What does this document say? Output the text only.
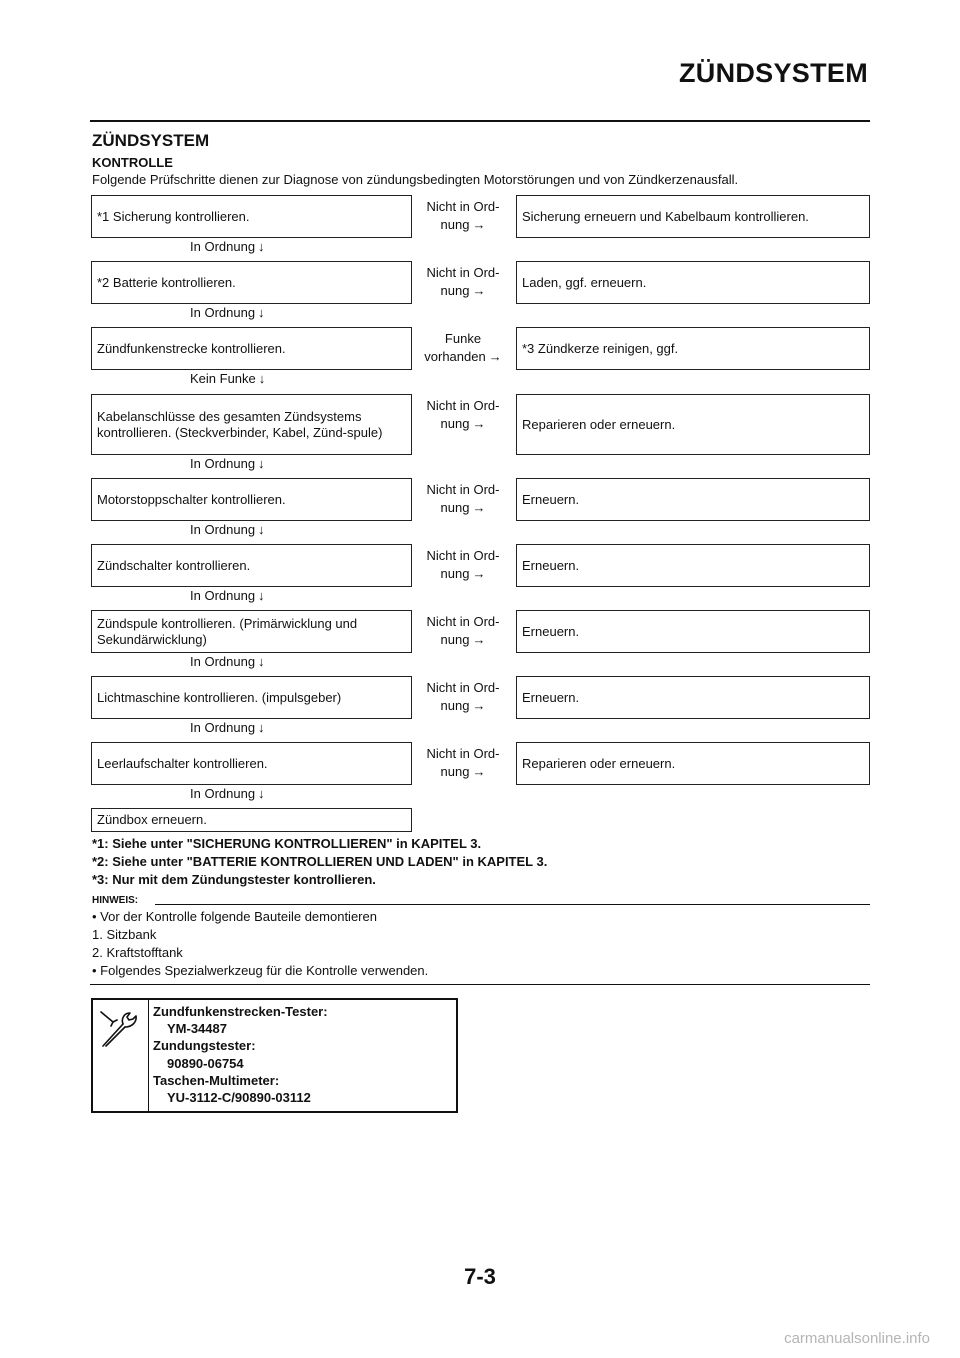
ZÜNDSYSTEM
ZÜNDSYSTEM
KONTROLLE
Folgende Prüfschritte dienen zur Diagnose von zündungsbedingten Motorstörungen und von Zündkerzenausfall.
*1 Sicherung kontrollieren.
Nicht in Ord-
nung →
Sicherung erneuern und Kabelbaum kontrollieren.
In Ordnung ↓
*2 Batterie kontrollieren.
Nicht in Ord-
nung →
Laden, ggf. erneuern.
In Ordnung ↓
Zündfunkenstrecke kontrollieren.
Funke
vorhanden →
*3 Zündkerze reinigen, ggf.
Kein Funke ↓
Kabelanschlüsse des gesamten Zündsystems kontrollieren. (Steckverbinder, Kabel, Zünd-spule)
Nicht in Ord-
nung →	Reparieren oder erneuern.
In Ordnung ↓
Motorstoppschalter kontrollieren.
Nicht in Ord-
nung →
Erneuern.
In Ordnung ↓
Zündschalter kontrollieren.
Nicht in Ord-
nung →
Erneuern.
In Ordnung ↓
Zündspule kontrollieren. (Primärwicklung und Sekundärwicklung)
Nicht in Ord-
nung →
Erneuern.
In Ordnung ↓
Lichtmaschine kontrollieren. (impulsgeber)
Nicht in Ord-
nung →
Erneuern.
In Ordnung ↓
Leerlaufschalter kontrollieren.
Nicht in Ord-
nung →
Reparieren oder erneuern.
In Ordnung ↓
Zündbox erneuern.
*1: Siehe unter "SICHERUNG KONTROLLIEREN" in KAPITEL 3.
*2: Siehe unter "BATTERIE KONTROLLIEREN UND LADEN" in KAPITEL 3.
*3: Nur mit dem Zündungstester kontrollieren.
HINWEIS:
• Vor der Kontrolle folgende Bauteile demontieren
1. Sitzbank
2. Kraftstofftank
• Folgendes Spezialwerkzeug für die Kontrolle verwenden.
Zundfunkenstrecken-Tester:
YM-34487
Zundungstester:
90890-06754
Taschen-Multimeter:
YU-3112-C/90890-03112
7-3
carmanualsonline.info
